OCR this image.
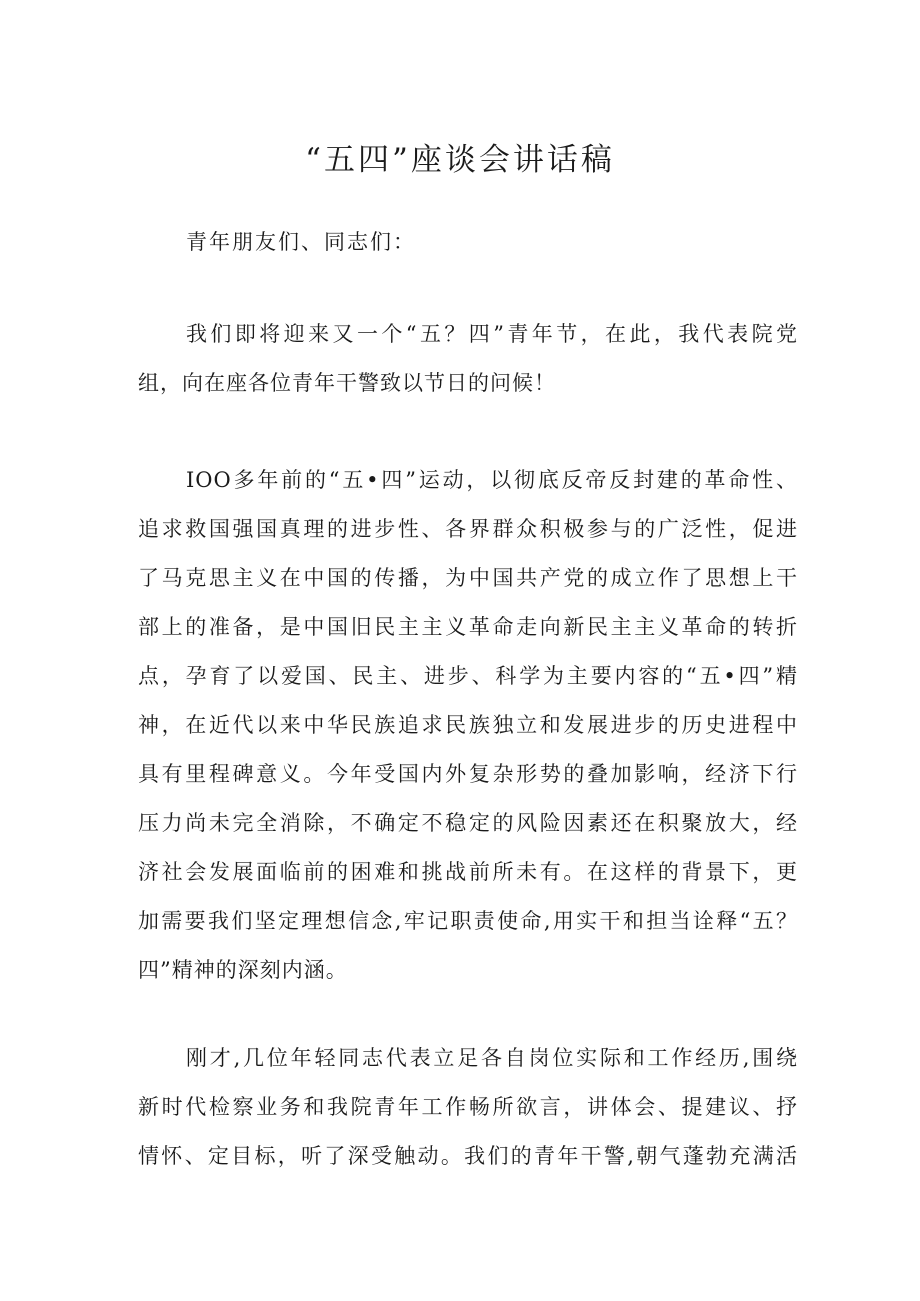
“五四”座谈会讲话稿
青年朋友们、同志们：
我们即将迎来又一个“五？四”青年节，在此，我代表院党
组，向在座各位青年干警致以节日的问候！
IOO多年前的“五•四”运动，以彻底反帝反封建的革命性、
追求救国强国真理的进步性、各界群众积极参与的广泛性，促进
了马克思主义在中国的传播，为中国共产党的成立作了思想上干
部上的准备，是中国旧民主主义革命走向新民主主义革命的转折
点，孕育了以爱国、民主、进步、科学为主要内容的“五•四”精
神，在近代以来中华民族追求民族独立和发展进步的历史进程中
具有里程碑意义。今年受国内外复杂形势的叠加影响，经济下行
压力尚未完全消除，不确定不稳定的风险因素还在积聚放大，经
济社会发展面临前的困难和挑战前所未有。在这样的背景下，更
加需要我们坚定理想信念,牢记职责使命,用实干和担当诠释“五？
四”精神的深刻内涵。
刚才,几位年轻同志代表立足各自岗位实际和工作经历,围绕
新时代检察业务和我院青年工作畅所欲言，讲体会、提建议、抒
情怀、定目标，听了深受触动。我们的青年干警,朝气蓬勃充满活
